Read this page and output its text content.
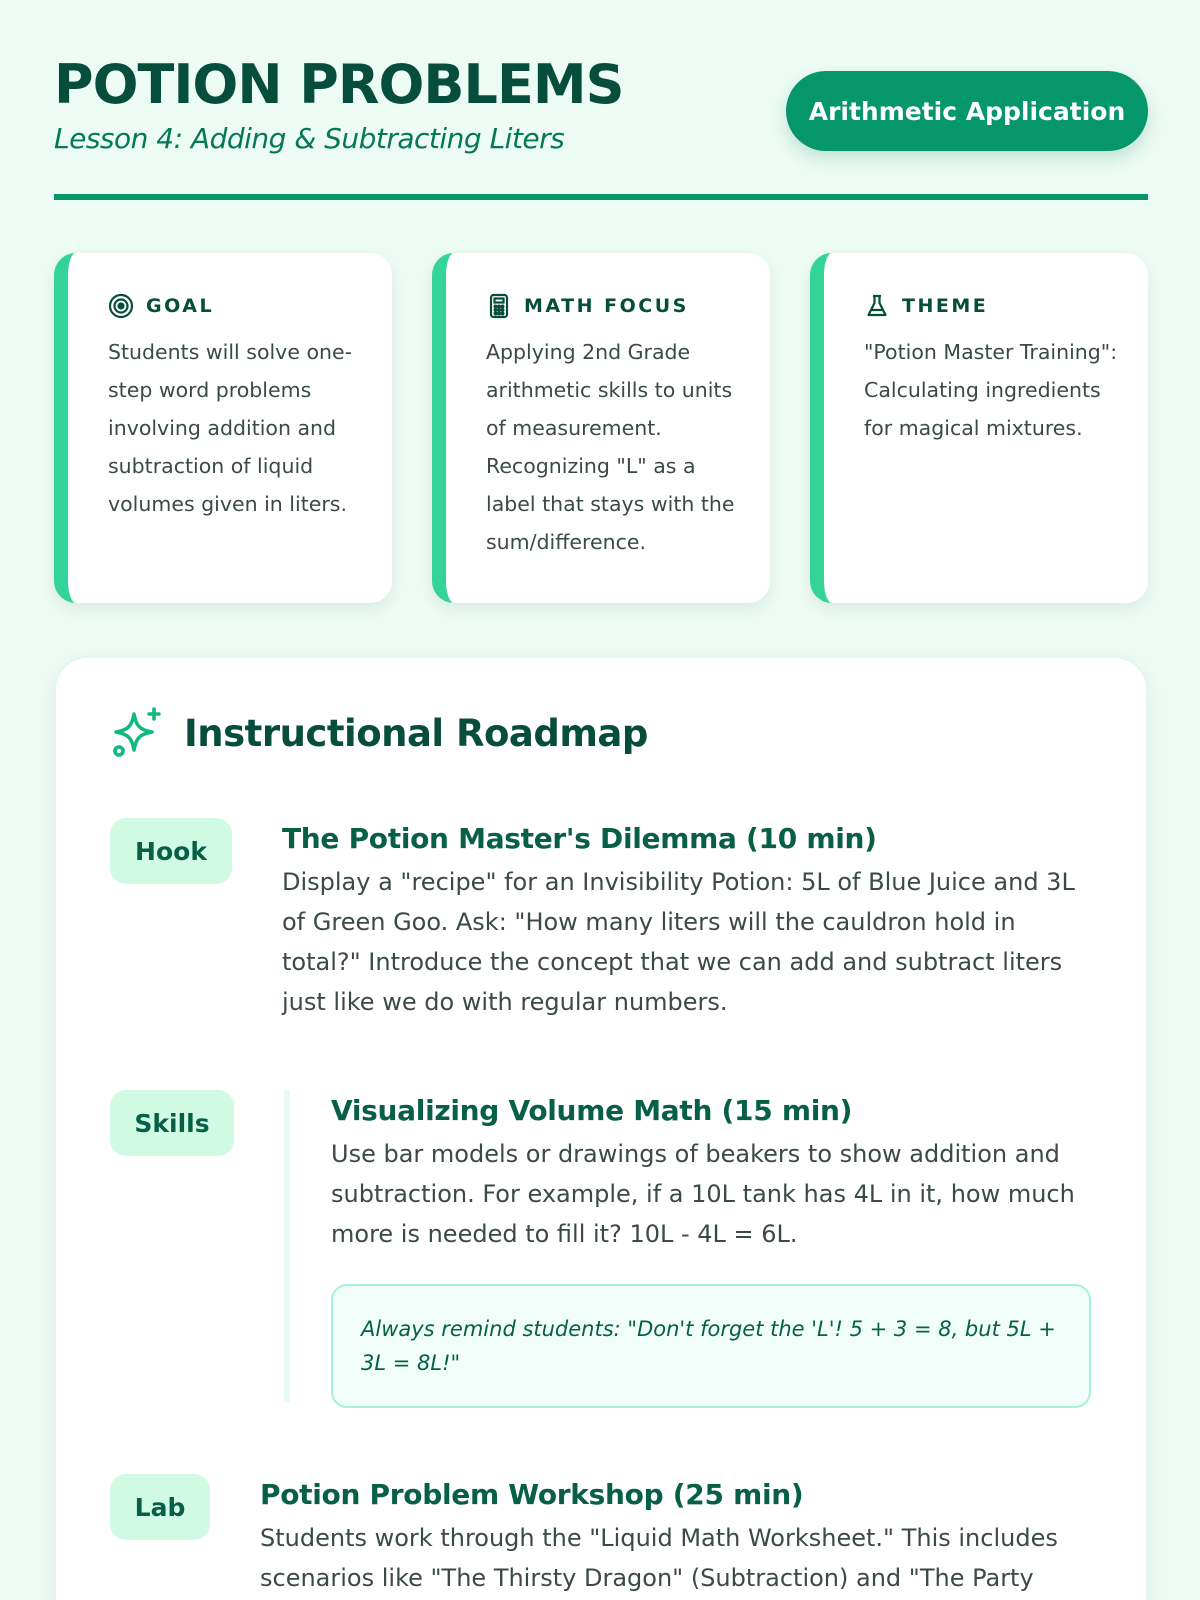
POTION PROBLEMS
Lesson 4: Adding & Subtracting Liters
Arithmetic Application
GOAL
Students will solve one-step word problems involving addition and subtraction of liquid volumes given in liters.
MATH FOCUS
Applying 2nd Grade arithmetic skills to units of measurement. Recognizing "L" as a label that stays with the sum/difference.
THEME
"Potion Master Training": Calculating ingredients for magical mixtures.
Instructional Roadmap
Hook	The Potion Master's Dilemma (10 min)
Display a "recipe" for an Invisibility Potion: 5L of Blue Juice and 3L of Green Goo. Ask: "How many liters will the cauldron hold in total?" Introduce the concept that we can add and subtract liters just like we do with regular numbers.
Skills	Visualizing Volume Math (15 min)
Use bar models or drawings of beakers to show addition and subtraction. For example, if a 10L tank has 4L in it, how much more is needed to fill it? 10L - 4L = 6L.
Always remind students: "Don't forget the 'L'! 5 + 3 = 8, but 5L + 3L = 8L!"
Lab	Potion Problem Workshop (25 min)
Students work through the "Liquid Math Worksheet." This includes scenarios like "The Thirsty Dragon" (Subtraction) and "The Party
